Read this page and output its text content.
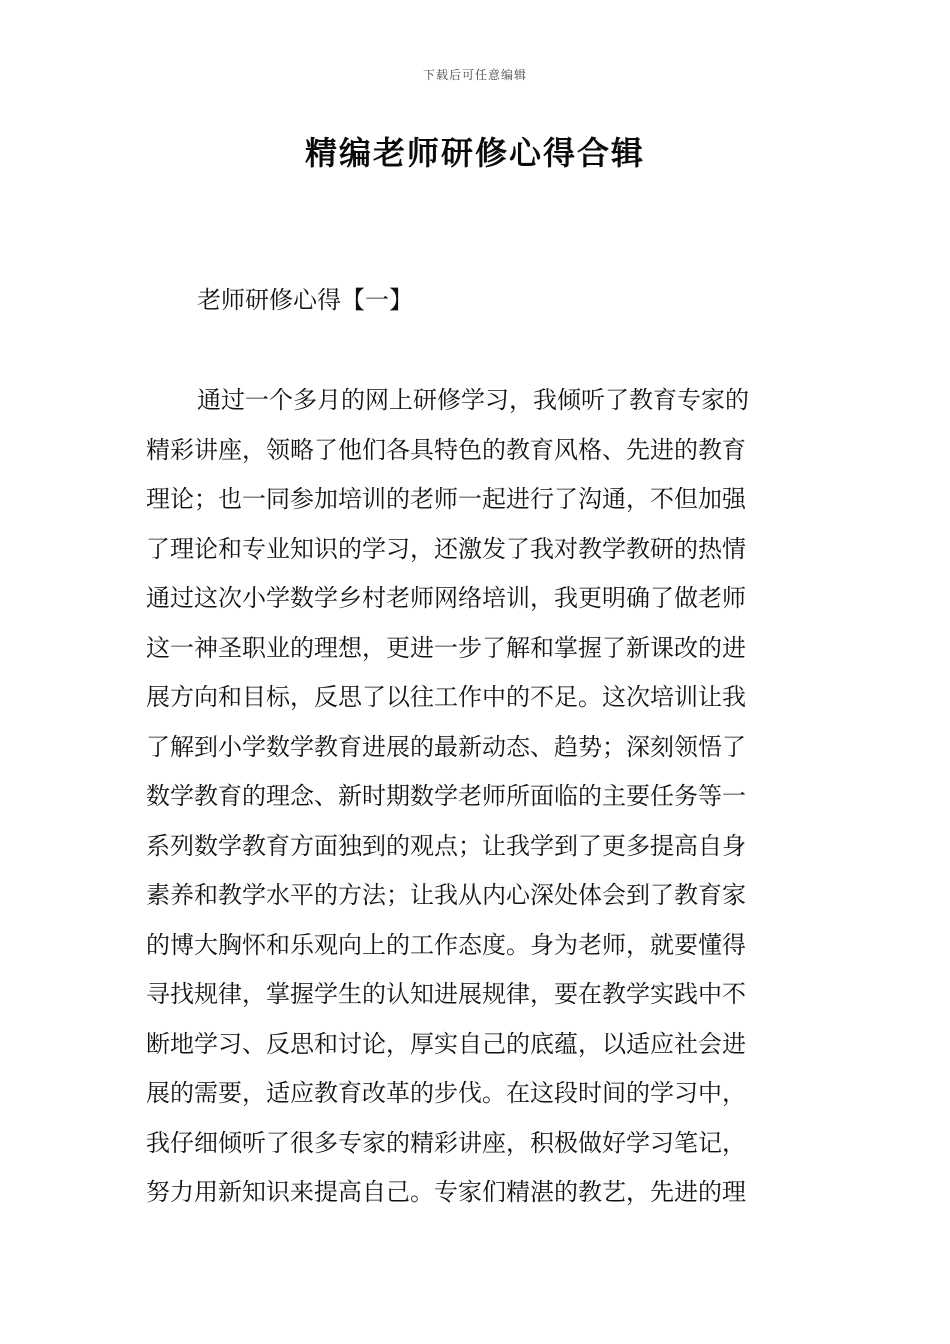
下载后可任意编辑
精编老师研修心得合辑
老师研修心得【一】
通过一个多月的网上研修学习，我倾听了教育专家的
精彩讲座，领略了他们各具特色的教育风格、先进的教育
理论；也一同参加培训的老师一起进行了沟通，不但加强
了理论和专业知识的学习，还激发了我对教学教研的热情
通过这次小学数学乡村老师网络培训，我更明确了做老师
这一神圣职业的理想，更进一步了解和掌握了新课改的进
展方向和目标，反思了以往工作中的不足。这次培训让我
了解到小学数学教育进展的最新动态、趋势；深刻领悟了
数学教育的理念、新时期数学老师所面临的主要任务等一
系列数学教育方面独到的观点；让我学到了更多提高自身
素养和教学水平的方法；让我从内心深处体会到了教育家
的博大胸怀和乐观向上的工作态度。身为老师，就要懂得
寻找规律，掌握学生的认知进展规律，要在教学实践中不
断地学习、反思和讨论，厚实自己的底蕴，以适应社会进
展的需要，适应教育改革的步伐。在这段时间的学习中，
我仔细倾听了很多专家的精彩讲座，积极做好学习笔记，
努力用新知识来提高自己。专家们精湛的教艺，先进的理
